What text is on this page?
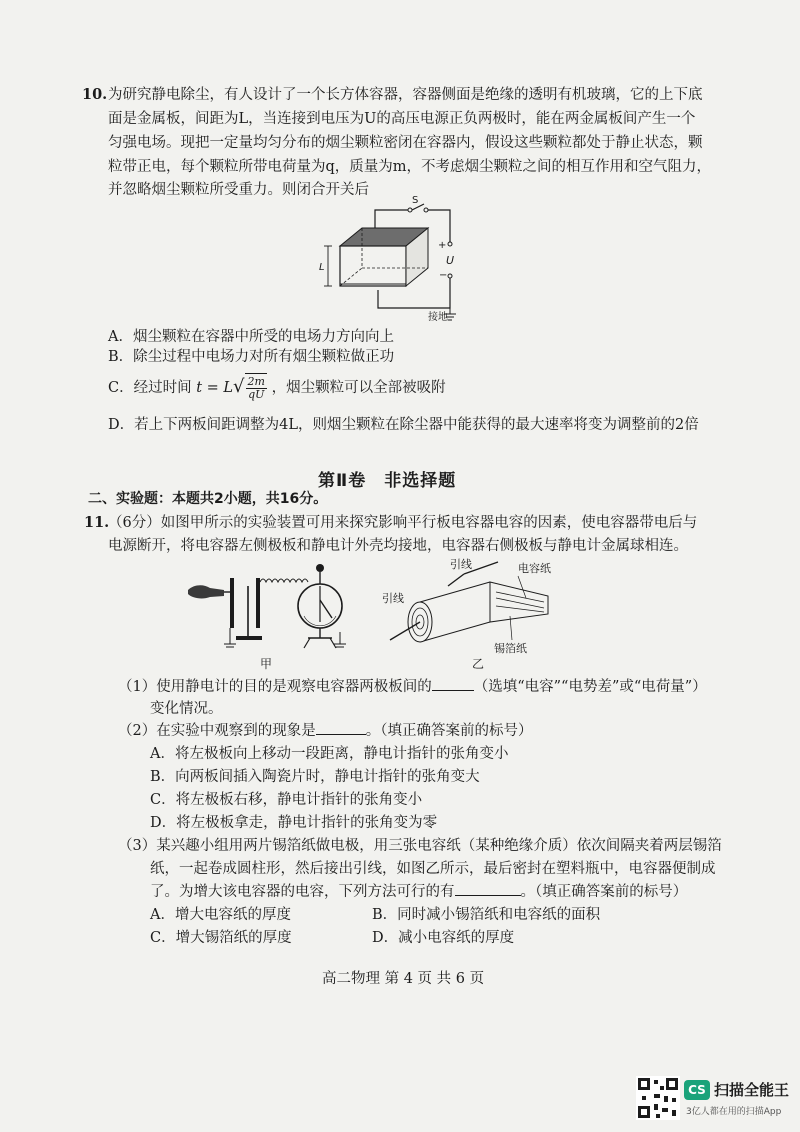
10. 为研究静电除尘，有人设计了一个长方体容器，容器侧面是绝缘的透明有机玻璃，它的上下底
面是金属板，间距为L，当连接到电压为U的高压电源正负两极时，能在两金属板间产生一个
匀强电场。现把一定量均匀分布的烟尘颗粒密闭在容器内，假设这些颗粒都处于静止状态，颗
粒带正电，每个颗粒所带电荷量为q，质量为m，不考虑烟尘颗粒之间的相互作用和空气阻力，
并忽略烟尘颗粒所受重力。则闭合开关后
S
+
−
U
L
接地
A．烟尘颗粒在容器中所受的电场力方向向上
B．除尘过程中电场力对所有烟尘颗粒做正功
C．经过时间 $t = L√ \frac{2m}{qU}$ ，烟尘颗粒可以全部被吸附
D．若上下两板间距调整为4L，则烟尘颗粒在除尘器中能获得的最大速率将变为调整前的2倍
第Ⅱ卷　非选择题
二、实验题：本题共2小题，共16分。
11.
（6分）如图甲所示的实验装置可用来探究影响平行板电容器电容的因素，使电容器带电后与
电源断开，将电容器左侧极板和静电计外壳均接地，电容器右侧极板与静电计金属球相连。
甲
引线
引线
电容纸
锡箔纸
乙
（1）使用静电计的目的是观察电容器两极板间的	（选填“电容”“电势差”或“电荷量”）
变化情况。
（2）在实验中观察到的现象是	。（填正确答案前的标号）
A．将左极板向上移动一段距离，静电计指针的张角变小
B．向两板间插入陶瓷片时，静电计指针的张角变大
C．将左极板右移，静电计指针的张角变小
D．将左极板拿走，静电计指针的张角变为零
（3）某兴趣小组用两片锡箔纸做电极，用三张电容纸（某种绝缘介质）依次间隔夹着两层锡箔
纸，一起卷成圆柱形，然后接出引线，如图乙所示，最后密封在塑料瓶中，电容器便制成
了。为增大该电容器的电容，下列方法可行的有	。（填正确答案前的标号）
A．增大电容纸的厚度	B．同时减小锡箔纸和电容纸的面积
C．增大锡箔纸的厚度	D．减小电容纸的厚度
高二物理 第 4 页 共 6 页
CS 扫描全能王
3亿人都在用的扫描App
